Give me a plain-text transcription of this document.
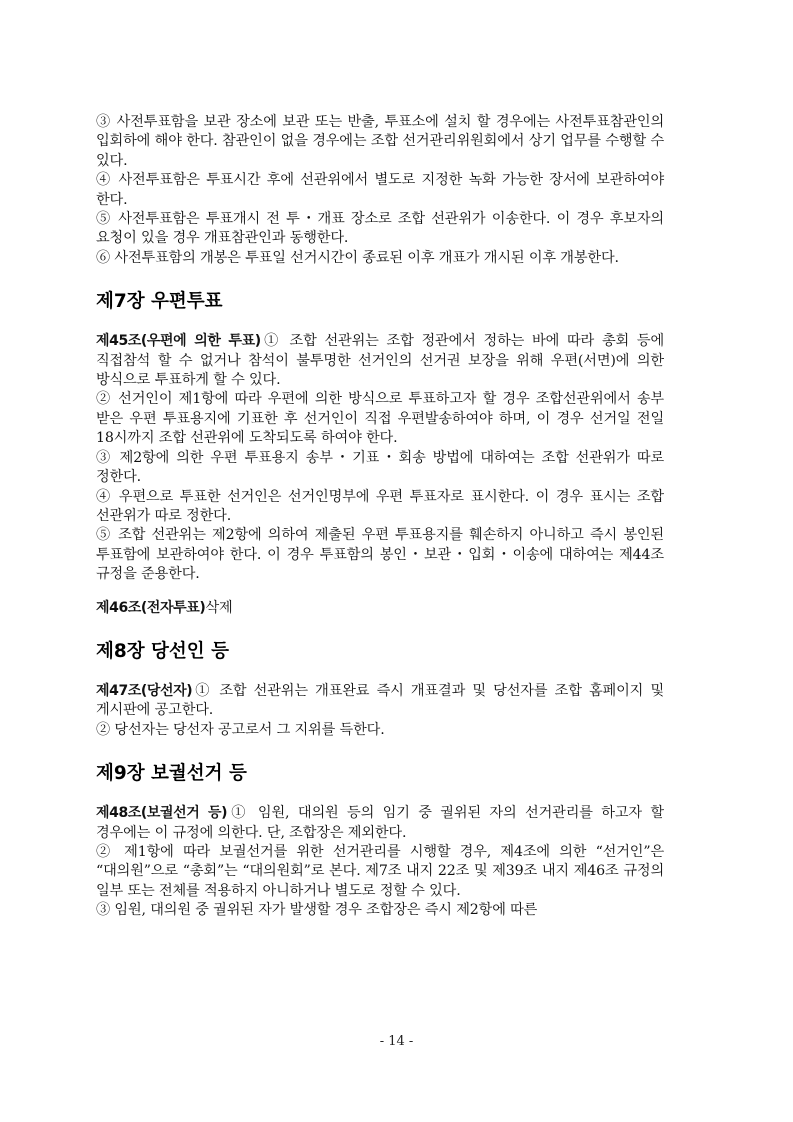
③ 사전투표함을 보관 장소에 보관 또는 반출, 투표소에 설치 할 경우에는 사전투표참관인의 입회하에 해야 한다. 참관인이 없을 경우에는 조합 선거관리위원회에서 상기 업무를 수행할 수 있다.

④ 사전투표함은 투표시간 후에 선관위에서 별도로 지정한 녹화 가능한 장서에 보관하여야 한다.

⑤ 사전투표함은 투표개시 전 투・개표 장소로 조합 선관위가 이송한다. 이 경우 후보자의 요청이 있을 경우 개표참관인과 동행한다.

⑥ 사전투표함의 개봉은 투표일 선거시간이 종료된 이후 개표가 개시된 이후 개봉한다.

제7장 우편투표

제45조(우편에 의한 투표)① 조합 선관위는 조합 정관에서 정하는 바에 따라 총회 등에 직접참석 할 수 없거나 참석이 불투명한 선거인의 선거권 보장을 위해 우편(서면)에 의한 방식으로 투표하게 할 수 있다.

② 선거인이 제1항에 따라 우편에 의한 방식으로 투표하고자 할 경우 조합선관위에서 송부 받은 우편 투표용지에 기표한 후 선거인이 직접 우편발송하여야 하며, 이 경우 선거일 전일 18시까지 조합 선관위에 도착되도록 하여야 한다.

③ 제2항에 의한 우편 투표용지 송부・기표・회송 방법에 대하여는 조합 선관위가 따로 정한다.

④ 우편으로 투표한 선거인은 선거인명부에 우편 투표자로 표시한다. 이 경우 표시는 조합 선관위가 따로 정한다.

⑤ 조합 선관위는 제2항에 의하여 제출된 우편 투표용지를 훼손하지 아니하고 즉시 봉인된 투표함에 보관하여야 한다. 이 경우 투표함의 봉인・보관・입회・이송에 대하여는 제44조 규정을 준용한다.

제46조(전자투표)삭제

제8장 당선인 등

제47조(당선자)① 조합 선관위는 개표완료 즉시 개표결과 및 당선자를 조합 홈페이지 및 게시판에 공고한다.

② 당선자는 당선자 공고로서 그 지위를 득한다.

제9장 보궐선거 등

제48조(보궐선거 등)① 임원, 대의원 등의 임기 중 궐위된 자의 선거관리를 하고자 할 경우에는 이 규정에 의한다. 단, 조합장은 제외한다.

② 제1항에 따라 보궐선거를 위한 선거관리를 시행할 경우, 제4조에 의한 “선거인”은 “대의원”으로 “총회”는 “대의원회”로 본다. 제7조 내지 22조 및 제39조 내지 제46조 규정의 일부 또는 전체를 적용하지 아니하거나 별도로 정할 수 있다.

③ 임원, 대의원 중 궐위된 자가 발생할 경우 조합장은 즉시 제2항에 따른

- 14 -
